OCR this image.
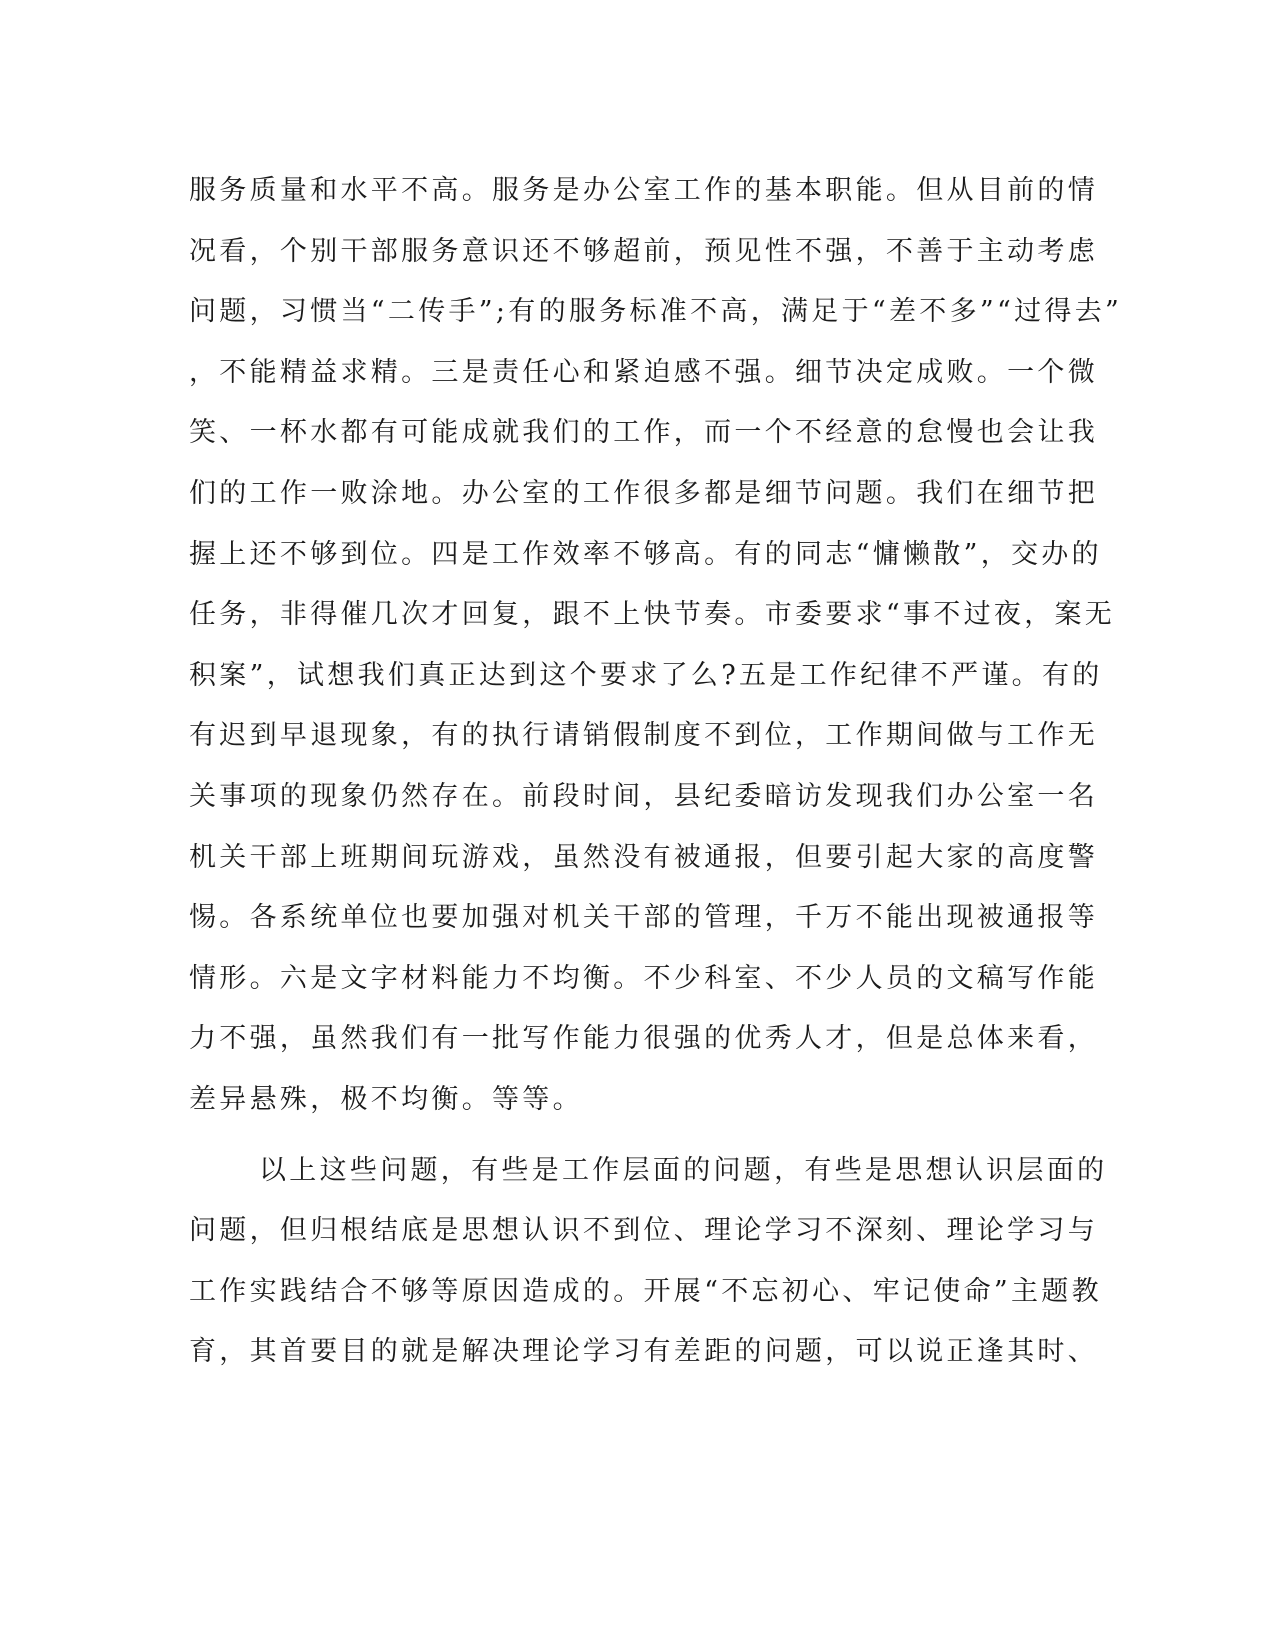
服务质量和水平不高。服务是办公室工作的基本职能。但从目前的情
况看，个别干部服务意识还不够超前，预见性不强，不善于主动考虑
问题，习惯当“二传手”;有的服务标准不高，满足于“差不多”“过得去”
，不能精益求精。三是责任心和紧迫感不强。细节决定成败。一个微
笑、一杯水都有可能成就我们的工作，而一个不经意的怠慢也会让我
们的工作一败涂地。办公室的工作很多都是细节问题。我们在细节把
握上还不够到位。四是工作效率不够高。有的同志“慵懒散”，交办的
任务，非得催几次才回复，跟不上快节奏。市委要求“事不过夜，案无
积案”，试想我们真正达到这个要求了么?五是工作纪律不严谨。有的
有迟到早退现象，有的执行请销假制度不到位，工作期间做与工作无
关事项的现象仍然存在。前段时间，县纪委暗访发现我们办公室一名
机关干部上班期间玩游戏，虽然没有被通报，但要引起大家的高度警
惕。各系统单位也要加强对机关干部的管理，千万不能出现被通报等
情形。六是文字材料能力不均衡。不少科室、不少人员的文稿写作能
力不强，虽然我们有一批写作能力很强的优秀人才，但是总体来看，
差异悬殊，极不均衡。等等。
以上这些问题，有些是工作层面的问题，有些是思想认识层面的
问题，但归根结底是思想认识不到位、理论学习不深刻、理论学习与
工作实践结合不够等原因造成的。开展“不忘初心、牢记使命”主题教
育，其首要目的就是解决理论学习有差距的问题，可以说正逢其时、
